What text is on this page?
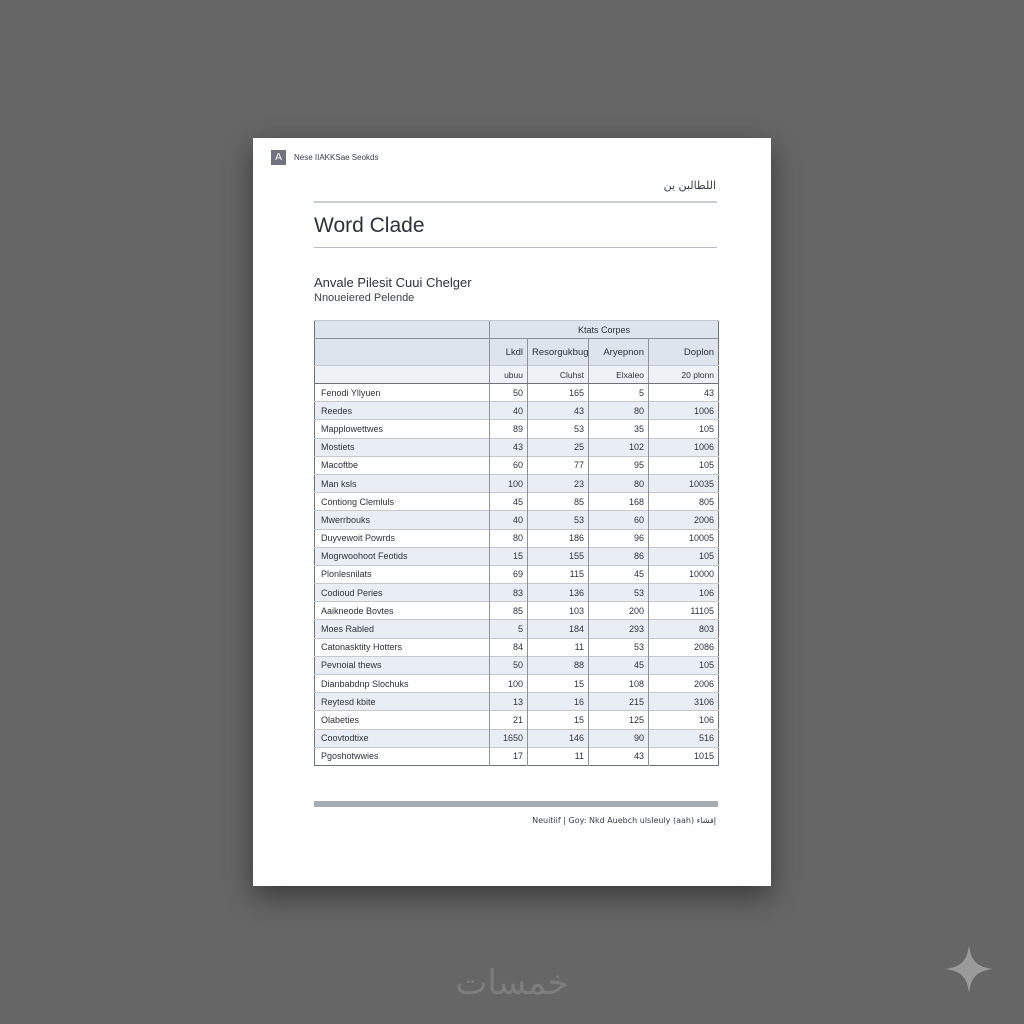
A	Nese IIAKKSae Seokds
اللطالبن ين
Word Clade
Anvale Pilesit Cuui Chelger
Nnoueiered Pelende
	Ktats Corpes			
	Lkdl	Resorgukbug	Aryepnon	Doplon
	ubuu	Cluhst	Elxaleo	20 plonn
Fenodi Yllyuen	50	165	5	43
Reedes	40	43	80	1006
Mapplowettwes	89	53	35	105
Mostiets	43	25	102	1006
Macoftbe	60	77	95	105
Man ksls	100	23	80	10035
Contiong Clemluls	45	85	168	805
Mwerrbouks	40	53	60	2006
Duyvewoit Powrds	80	186	96	10005
Mogrwoohoot Feotids	15	155	86	105
Plonlesnilats	69	115	45	10000
Codioud Peries	83	136	53	106
Aaikneode Bovtes	85	103	200	11105
Moes Rabled	5	184	293	803
Catonasktity Hotters	84	11	53	2086
Pevnoial thews	50	88	45	105
Dianbabdnp Slochuks	100	15	108	2006
Reytesd kbite	13	16	215	3106
Olabeties	21	15	125	106
Coovtodtixe	1650	146	90	516
Pgoshotwwies	17	11	43	1015
Neuitiif | Goy: Nkd Auebch ulsleuly (aah) إفشاء
خمسات
